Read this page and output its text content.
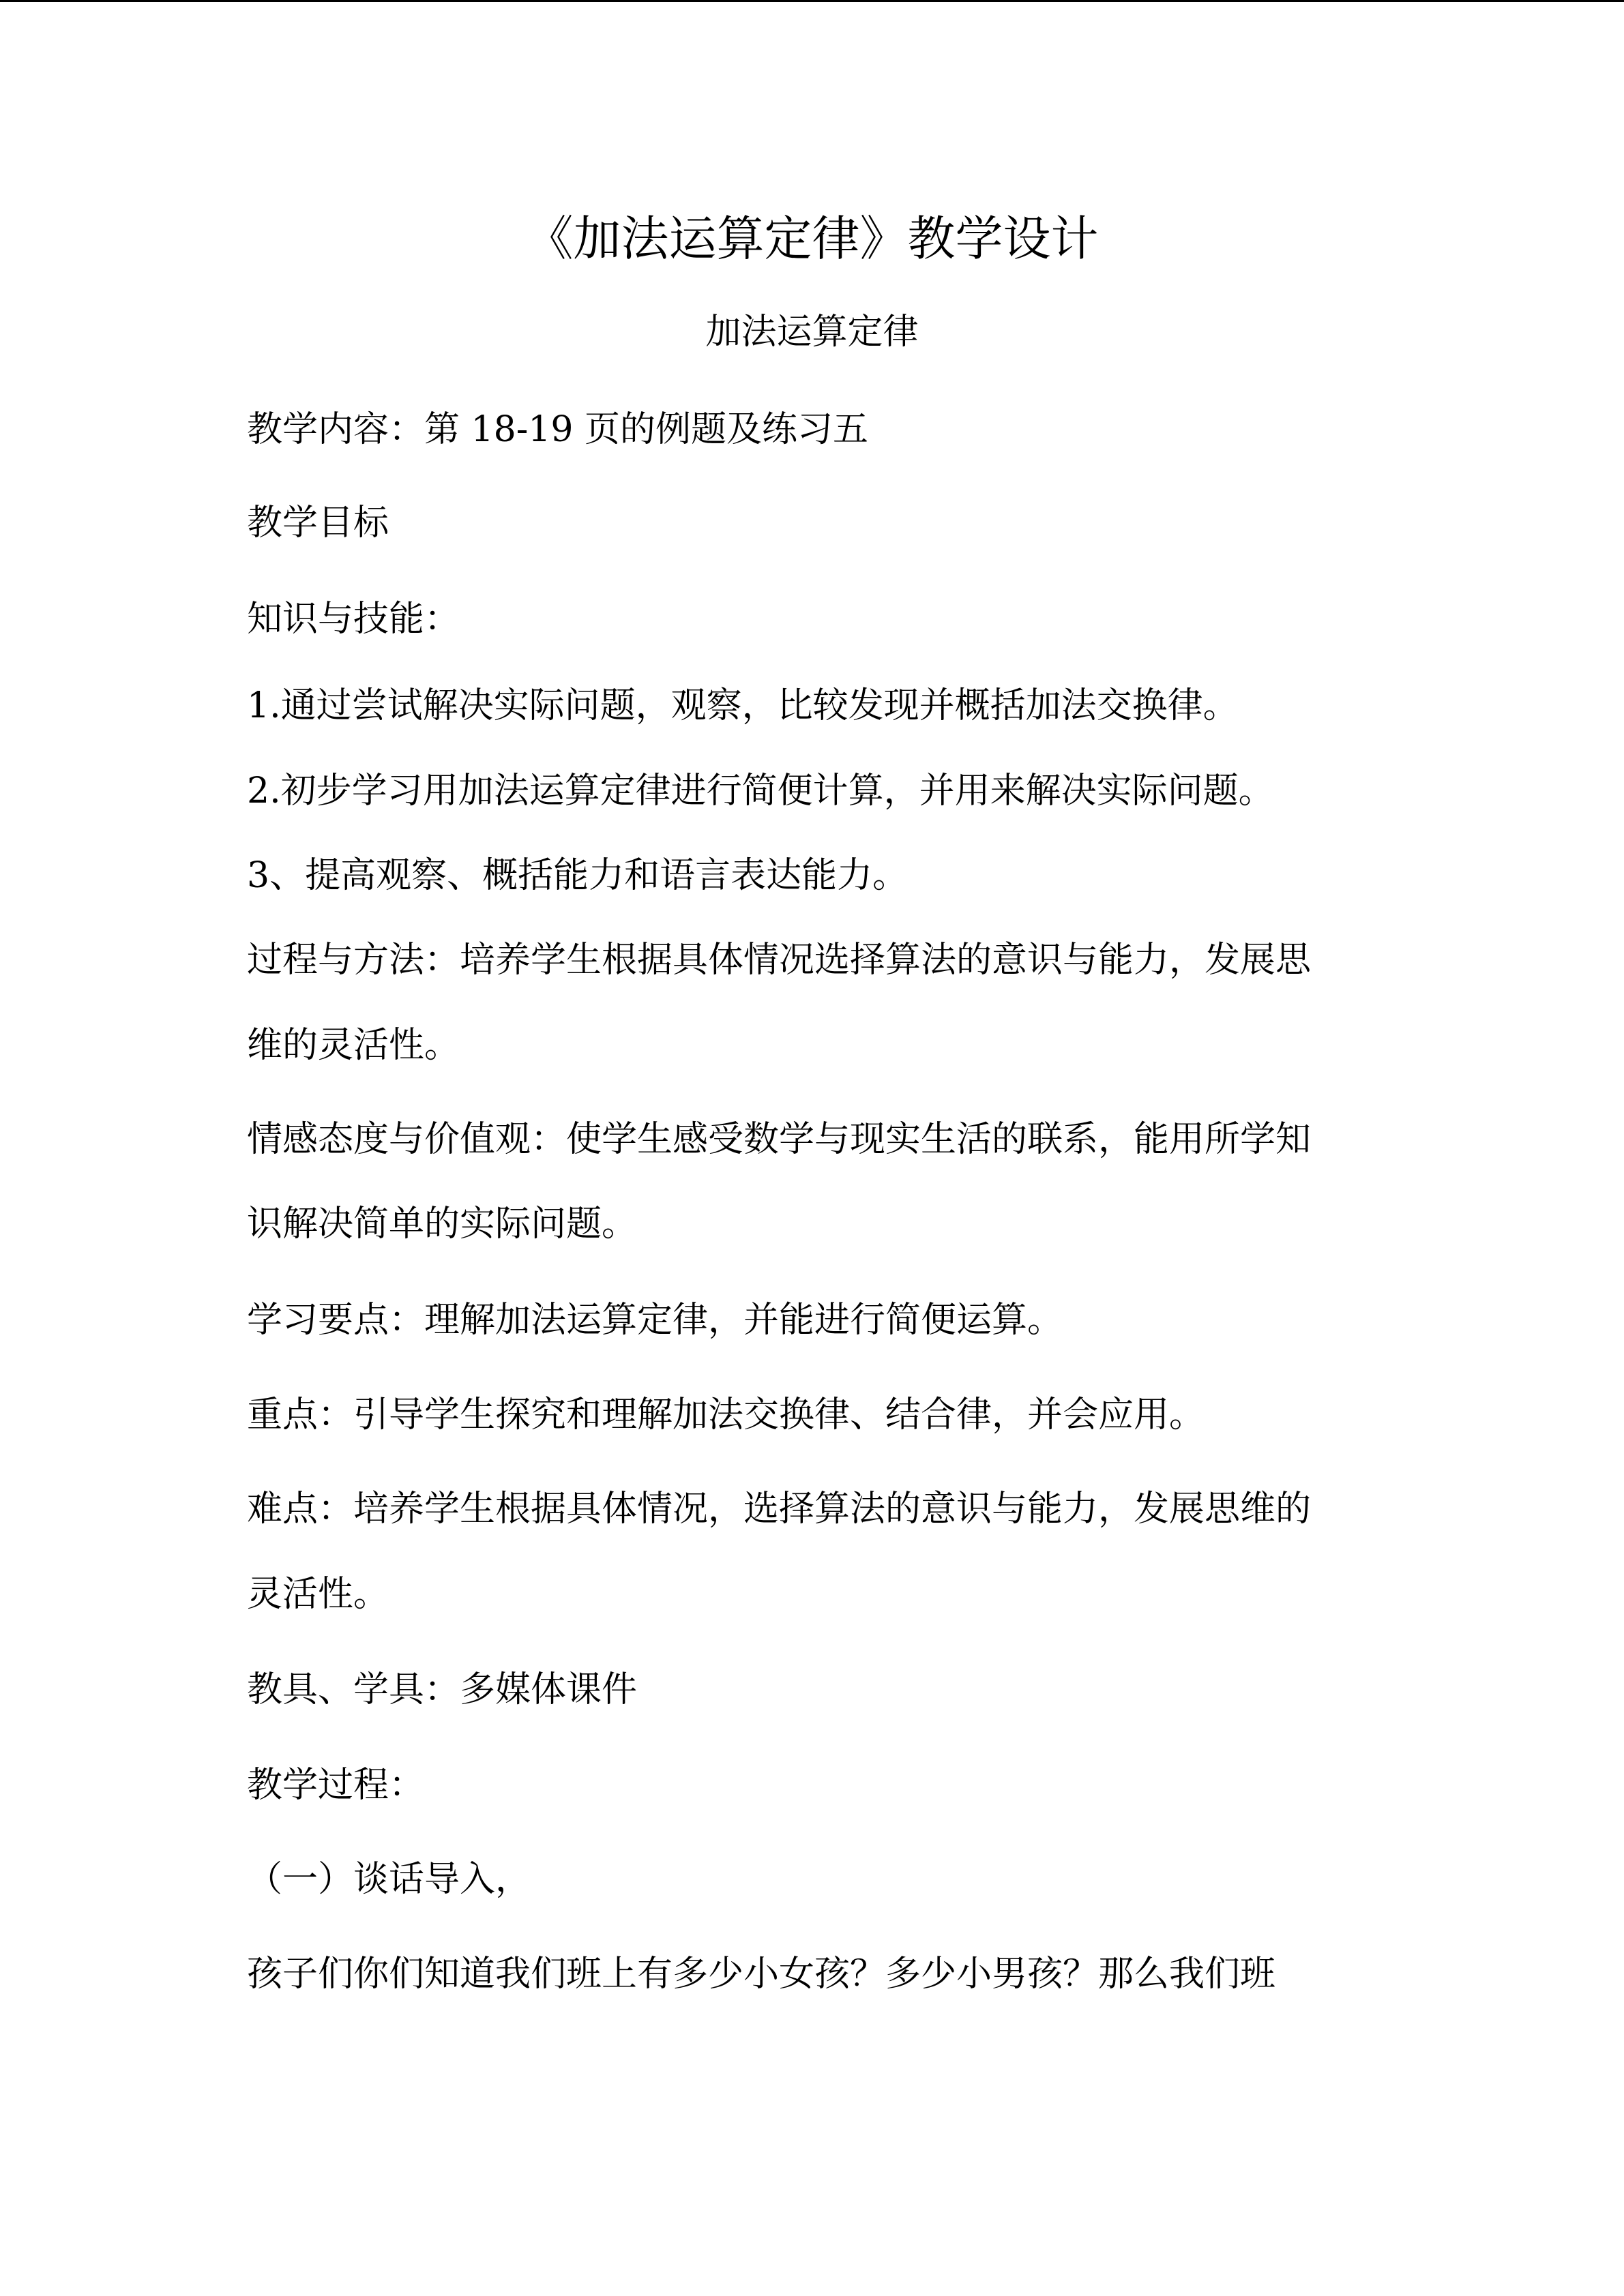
《加法运算定律》教学设计
加法运算定律
教学内容：第 18-19 页的例题及练习五
教学目标
知识与技能：
1.通过尝试解决实际问题，观察，比较发现并概括加法交换律。
2.初步学习用加法运算定律进行简便计算，并用来解决实际问题。
3、提高观察、概括能力和语言表达能力。
过程与方法：培养学生根据具体情况选择算法的意识与能力，发展思
维的灵活性。
情感态度与价值观：使学生感受数学与现实生活的联系，能用所学知
识解决简单的实际问题。
学习要点：理解加法运算定律，并能进行简便运算。
重点：引导学生探究和理解加法交换律、结合律，并会应用。
难点：培养学生根据具体情况，选择算法的意识与能力，发展思维的
灵活性。
教具、学具：多媒体课件
教学过程：
（一）谈话导入，
孩子们你们知道我们班上有多少小女孩？多少小男孩？那么我们班
